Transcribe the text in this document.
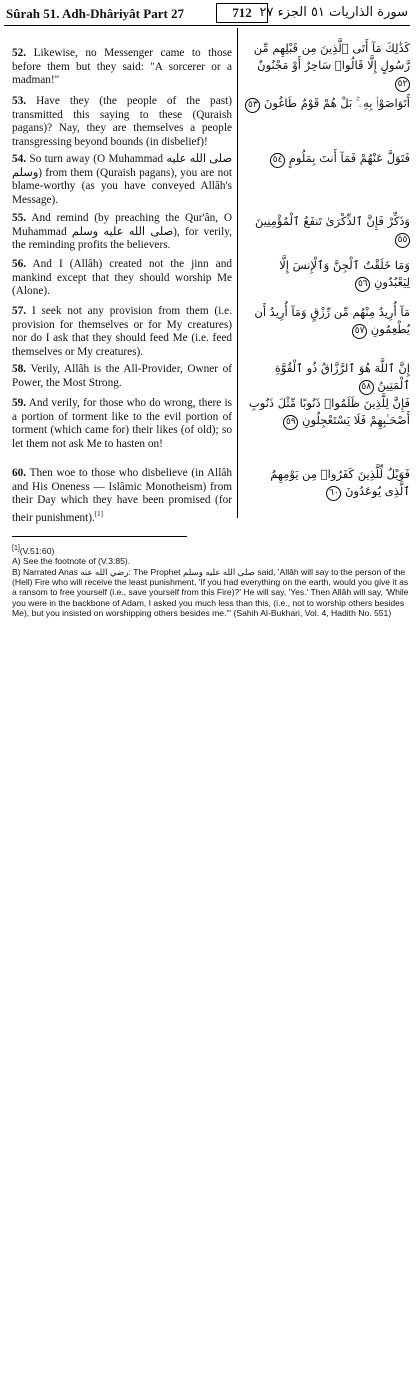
Sûrah 51. Adh-Dhâriyât Part 27	712 سورة الذاريات ٥١ الجزء ٢٧
52. Likewise, no Messenger came to those before them but they said: "A sorcerer or a madman!"
53. Have they (the people of the past) transmitted this saying to these (Quraish pagans)? Nay, they are themselves a people transgressing beyond bounds (in disbelief)!
54. So turn away (O Muhammad صلى الله عليه وسلم) from them (Quraish pagans), you are not blame-worthy (as you have conveyed Allâh's Message).
55. And remind (by preaching the Qur'ân, O Muhammad صلى الله عليه وسلم), for verily, the reminding profits the believers.
56. And I (Allâh) created not the jinn and mankind except that they should worship Me (Alone).
57. I seek not any provision from them (i.e. provision for themselves or for My creatures) nor do I ask that they should feed Me (i.e. feed themselves or My creatures).
58. Verily, Allâh is the All-Provider, Owner of Power, the Most Strong.
59. And verily, for those who do wrong, there is a portion of torment like to the evil portion of torment (which came for) their likes (of old); so let them not ask Me to hasten on!
60. Then woe to those who disbelieve (in Allâh and His Oneness — Islâmic Monotheism) from their Day which they have been promised (for their punishment).[1]
كَذَٰلِكَ مَآ أَتَى ٱلَّذِينَ مِن قَبْلِهِم مِّن رَّسُولٍ إِلَّا قَالُوا۟ سَاحِرٌ أَوْ مَجْنُونٌ ٥٢
أَتَوَاصَوْا۟ بِهِۦ ۚ بَلْ هُمْ قَوْمٌ طَاغُونَ ٥٣
فَتَوَلَّ عَنْهُمْ فَمَآ أَنتَ بِمَلُومٍ ٥٤
وَذَكِّرْ فَإِنَّ ٱلذِّكْرَىٰ تَنفَعُ ٱلْمُؤْمِنِينَ ٥٥
وَمَا خَلَقْتُ ٱلْجِنَّ وَٱلْإِنسَ إِلَّا لِيَعْبُدُونِ ٥٦
مَآ أُرِيدُ مِنْهُم مِّن رِّزْقٍ وَمَآ أُرِيدُ أَن يُطْعِمُونِ ٥٧
إِنَّ ٱللَّهَ هُوَ ٱلرَّزَّاقُ ذُو ٱلْقُوَّةِ ٱلْمَتِينُ ٥٨
فَإِنَّ لِلَّذِينَ ظَلَمُوا۟ ذَنُوبًا مِّثْلَ ذَنُوبِ أَصْحَـٰبِهِمْ فَلَا يَسْتَعْجِلُونِ ٥٩
فَوَيْلٌ لِّلَّذِينَ كَفَرُوا۟ مِن يَوْمِهِمُ ٱلَّذِى يُوعَدُونَ ٦٠

[1](V.51:60)

A) See the footnote of (V.3:85).

B) Narrated Anas رضي الله عنه: The Prophet صلى الله عليه وسلم said, 'Allâh will say to the person of the (Hell) Fire who will receive the least punishment, 'If you had everything on the earth, would you give it as a ransom to free yourself (i.e., save yourself from this Fire)?' He will say, 'Yes.' Then Allâh will say, 'While you were in the backbone of Adam, I asked you much less than this, (i.e., not to worship others besides Me), but you insisted on worshipping others besides me."' (Sahih Al-Bukhari, Vol. 4, Hadith No. 551)
